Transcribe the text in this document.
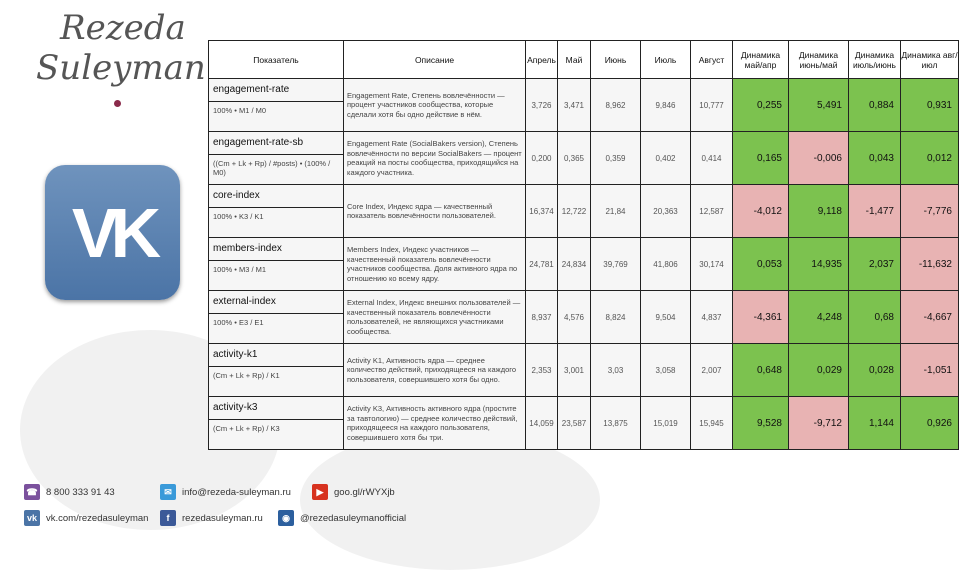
Rezeda
Suleyman
VK
Показатель	Описание	Апрель	Май	Июнь	Июль	Август	Динамика май/апр	Динамика июнь/май	Динамика июль/июнь	Динамика авг/июл

engagement-rate
100% • M1 / M0	Engagement Rate, Степень вовлечённости — процент участников сообщества, которые сделали хотя бы одно действие в нём.	3,726	3,471	8,962	9,846	10,777	0,255	5,491	0,884	0,931

engagement-rate-sb
((Cm + Lk + Rp) / #posts) • (100% / M0)	Engagement Rate (SocialBakers version), Степень вовлечённости по версии SocialBakers — процент реакций на посты сообщества, приходящийся на каждого участника.	0,200	0,365	0,359	0,402	0,414	0,165	-0,006	0,043	0,012

core-index
100% • K3 / K1	Core Index, Индекс ядра — качественный показатель вовлечённости пользователей.	16,374	12,722	21,84	20,363	12,587	-4,012	9,118	-1,477	-7,776

members-index
100% • M3 / M1	Members Index, Индекс участников — качественный показатель вовлечённости участников сообщества. Доля активного ядра по отношению ко всему ядру.	24,781	24,834	39,769	41,806	30,174	0,053	14,935	2,037	-11,632

external-index
100% • E3 / E1	External Index, Индекс внешних пользователей — качественный показатель вовлечённости пользователей, не являющихся участниками сообщества.	8,937	4,576	8,824	9,504	4,837	-4,361	4,248	0,68	-4,667

activity-k1
(Cm + Lk + Rp) / K1	Activity K1, Активность ядра — среднее количество действий, приходящееся на каждого пользователя, совершившего хотя бы одно.	2,353	3,001	3,03	3,058	2,007	0,648	0,029	0,028	-1,051

activity-k3
(Cm + Lk + Rp) / K3	Activity K3, Активность активного ядра (простите за тавтологию) — среднее количество действий, приходящееся на каждого пользователя, совершившего хотя бы три.	14,059	23,587	13,875	15,019	15,945	9,528	-9,712	1,144	0,926
☎ 8 800 333 91 43	✉	info@rezeda-suleyman.ru	▶	goo.gl/rWYXjb
vk vk.com/rezedasuleyman	f	rezedasuleyman.ru	◉	@rezedasuleymanofficial
